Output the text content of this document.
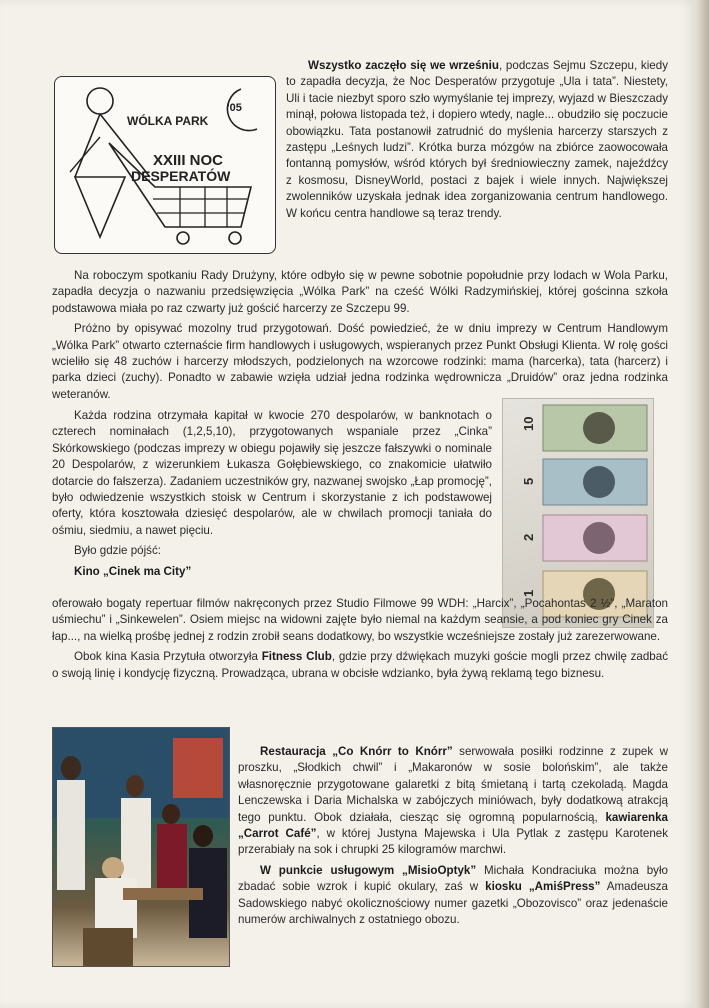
WÓLKA PARK
'05
XXIII NOC
DESPERATÓW

Wszystko zaczęło się we wrześniu, podczas Sejmu Szczepu, kiedy to zapadła decyzja, że Noc Desperatów przygotuje „Ula i tata”. Niestety, Uli i tacie niezbyt sporo szło wymyślanie tej imprezy, wyjazd w Bieszczady minął, połowa listopada też, i dopiero wtedy, nagle... obudziło się poczucie obowiązku. Tata postanowił zatrudnić do myślenia harcerzy starszych z zastępu „Leśnych ludzi”. Krótka burza mózgów na zbiórce zaowocowała fontanną pomysłów, wśród których był średniowieczny zamek, najeźdźcy z kosmosu, DisneyWorld, postaci z bajek i wiele innych. Największej zwolenników uzyskała jednak idea zorganizowania centrum handlowego. W końcu centra handlowe są teraz trendy.

Na roboczym spotkaniu Rady Drużyny, które odbyło się w pewne sobotnie popołudnie przy lodach w Wola Parku, zapadła decyzja o nazwaniu przedsięwzięcia „Wólka Park” na cześć Wólki Radzymińskiej, której gościnna szkoła podstawowa miała po raz czwarty już gościć harcerzy ze Szczepu 99.

Próżno by opisywać mozolny trud przygotowań. Dość powiedzieć, że w dniu imprezy w Centrum Handlowym „Wólka Park” otwarto czternaście firm handlowych i usługowych, wspieranych przez Punkt Obsługi Klienta. W rolę gości wcieliło się 48 zuchów i harcerzy młodszych, podzielonych na wzorcowe rodzinki: mama (harcerka), tata (harcerz) i parka dzieci (zuchy). Ponadto w zabawie wzięła udział jedna rodzinka wędrownicza „Druidów” oraz jedna rodzinka weteranów.

10
5
2
1

Każda rodzina otrzymała kapitał w kwocie 270 despolarów, w banknotach o czterech nominałach (1,2,5,10), przygotowanych wspaniale przez „Cinka” Skórkowskiego (podczas imprezy w obiegu pojawiły się jeszcze fałszywki o nominale 20 Despolarów, z wizerunkiem Łukasza Gołębiewskiego, co znakomicie ułatwiło dotarcie do fałszerza). Zadaniem uczestników gry, nazwanej swojsko „Łap promocję”, było odwiedzenie wszystkich stoisk w Centrum i skorzystanie z ich podstawowej oferty, która kosztowała dziesięć despolarów, ale w chwilach promocji taniała do ośmiu, siedmiu, a nawet pięciu.

Było gdzie pójść:

Kino „Cinek ma City”

oferowało bogaty repertuar filmów nakręconych przez Studio Filmowe 99 WDH: „Harcix”, „Pocahontas 2 ½”, „Maraton uśmiechu” i „Sinkewelen”. Osiem miejsc na widowni zajęte było niemal na każdym seansie, a pod koniec gry Cinek za łap..., na wielką prośbę jednej z rodzin zrobił seans dodatkowy, bo wszystkie wcześniejsze zostały już zarezerwowane.

Obok kina Kasia Przytuła otworzyła Fitness Club, gdzie przy dźwiękach muzyki goście mogli przez chwilę zadbać o swoją linię i kondycję fizyczną. Prowadząca, ubrana w obcisłe wdzianko, była żywą reklamą tego biznesu.

Restauracja „Co Knórr to Knórr” serwowała posiłki rodzinne z zupek w proszku, „Słodkich chwil” i „Makaronów w sosie bolońskim”, ale także własnoręcznie przygotowane galaretki z bitą śmietaną i tartą czekoladą. Magda Lenczewska i Daria Michalska w zabójczych miniówach, były dodatkową atrakcją tego punktu. Obok działała, ciesząc się ogromną popularnością, kawiarenka „Carrot Café”, w której Justyna Majewska i Ula Pytlak z zastępu Karotenek przerabiały na sok i chrupki 25 kilogramów marchwi.

W punkcie usługowym „MisioOptyk” Michała Kondraciuka można było zbadać sobie wzrok i kupić okulary, zaś w kiosku „AmiśPress” Amadeusza Sadowskiego nabyć okolicznościowy numer gazetki „Obozovisco” oraz jedenaście numerów archiwalnych z ostatniego obozu.
